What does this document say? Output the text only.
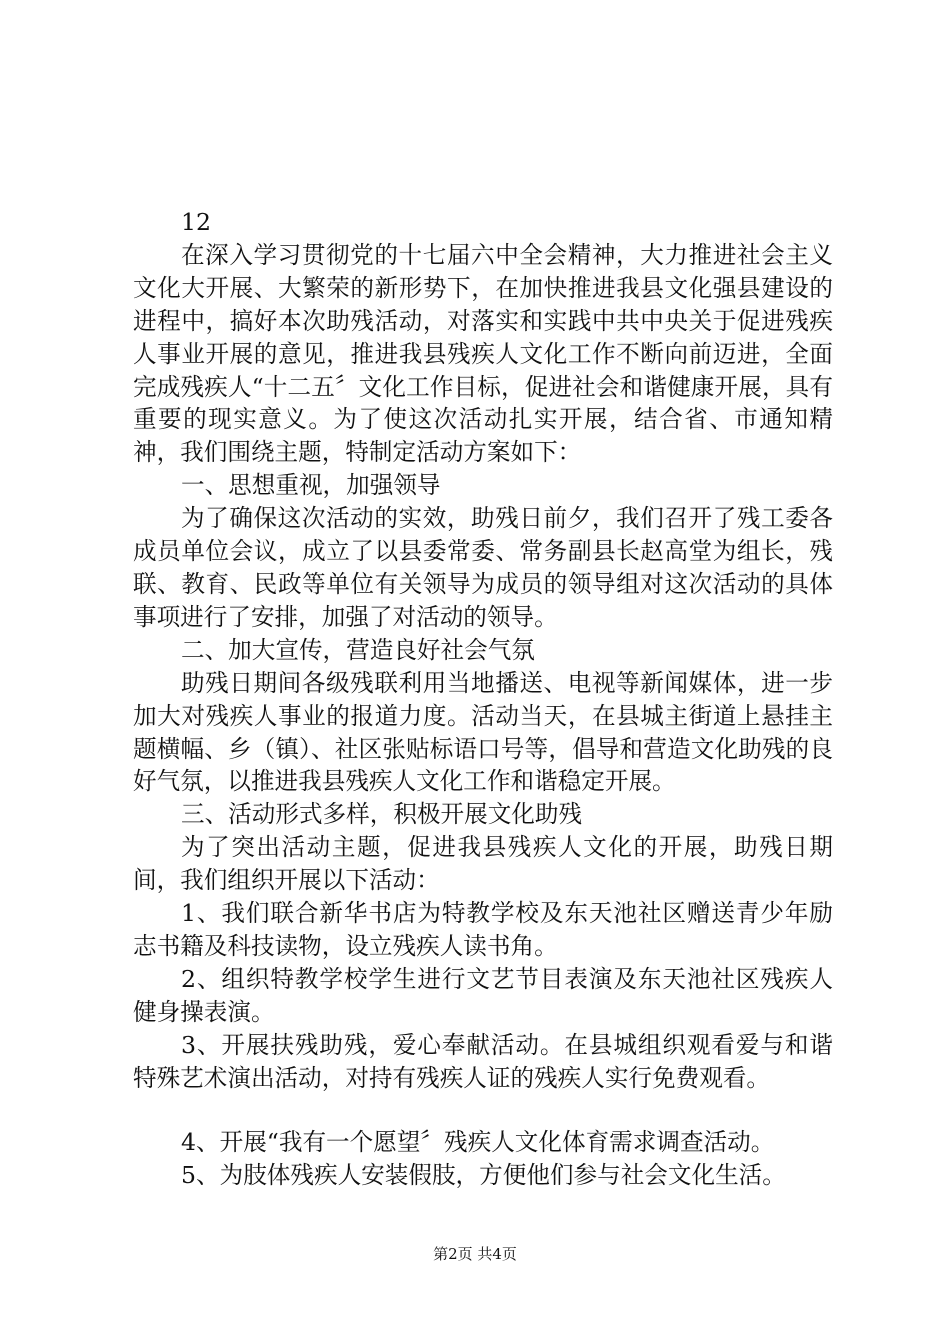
12

在深入学习贯彻党的十七届六中全会精神，大力推进社会主义文化大开展、大繁荣的新形势下，在加快推进我县文化强县建设的进程中，搞好本次助残活动，对落实和实践中共中央关于促进残疾人事业开展的意见，推进我县残疾人文化工作不断向前迈进，全面完成残疾人“十二五〞文化工作目标，促进社会和谐健康开展，具有重要的现实意义。为了使这次活动扎实开展，结合省、市通知精神，我们围绕主题，特制定活动方案如下：

一、思想重视，加强领导

为了确保这次活动的实效，助残日前夕，我们召开了残工委各成员单位会议，成立了以县委常委、常务副县长赵高堂为组长，残联、教育、民政等单位有关领导为成员的领导组对这次活动的具体事项进行了安排，加强了对活动的领导。

二、加大宣传，营造良好社会气氛

助残日期间各级残联利用当地播送、电视等新闻媒体，进一步加大对残疾人事业的报道力度。活动当天，在县城主街道上悬挂主题横幅、乡（镇）、社区张贴标语口号等，倡导和营造文化助残的良好气氛，以推进我县残疾人文化工作和谐稳定开展。

三、活动形式多样，积极开展文化助残

为了突出活动主题，促进我县残疾人文化的开展，助残日期间，我们组织开展以下活动：

1、我们联合新华书店为特教学校及东天池社区赠送青少年励志书籍及科技读物，设立残疾人读书角。

2、组织特教学校学生进行文艺节目表演及东天池社区残疾人健身操表演。

3、开展扶残助残，爱心奉献活动。在县城组织观看爱与和谐特殊艺术演出活动，对持有残疾人证的残疾人实行免费观看。

4、开展“我有一个愿望〞残疾人文化体育需求调查活动。

5、为肢体残疾人安装假肢，方便他们参与社会文化生活。

第2页 共4页
